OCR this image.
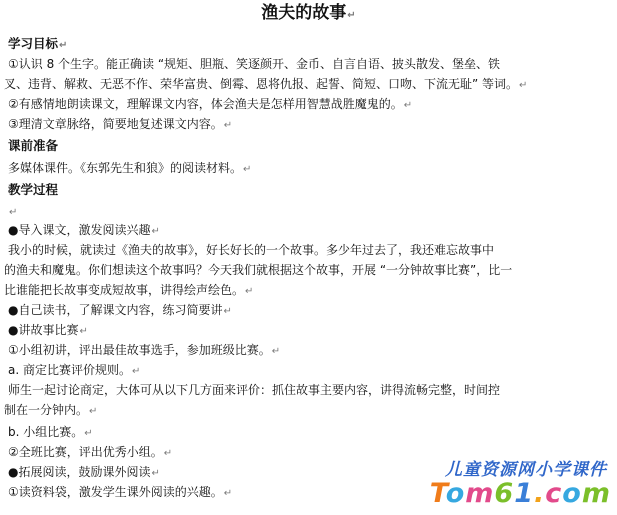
渔夫的故事↵
学习目标↵
①认识 8 个生字。能正确读 “规矩、胆瓶、笑逐颜开、金币、自言自语、披头散发、堡垒、铁
叉、违背、解救、无恶不作、荣华富贵、倒霉、恩将仇报、起誓、简短、口吻、下流无耻” 等词。↵
②有感情地朗读课文，理解课文内容，体会渔夫是怎样用智慧战胜魔鬼的。↵
③理清文章脉络，简要地复述课文内容。↵
课前准备
多媒体课件。《东郭先生和狼》的阅读材料。↵
教学过程
↵
●导入课文，激发阅读兴趣↵
我小的时候，就读过《渔夫的故事》，好长好长的一个故事。多少年过去了，我还难忘故事中
的渔夫和魔鬼。你们想读这个故事吗？今天我们就根据这个故事，开展 “一分钟故事比赛”，比一
比谁能把长故事变成短故事，讲得绘声绘色。↵
●自己读书，了解课文内容，练习简要讲↵
●讲故事比赛↵
①小组初讲，评出最佳故事选手，参加班级比赛。↵
a. 商定比赛评价规则。↵
师生一起讨论商定，大体可从以下几方面来评价：抓住故事主要内容，讲得流畅完整，时间控
制在一分钟内。↵
b. 小组比赛。↵
②全班比赛，评出优秀小组。↵
●拓展阅读，鼓励课外阅读↵
①读资料袋，激发学生课外阅读的兴趣。↵
儿童资源网小学课件
Tom61.com
